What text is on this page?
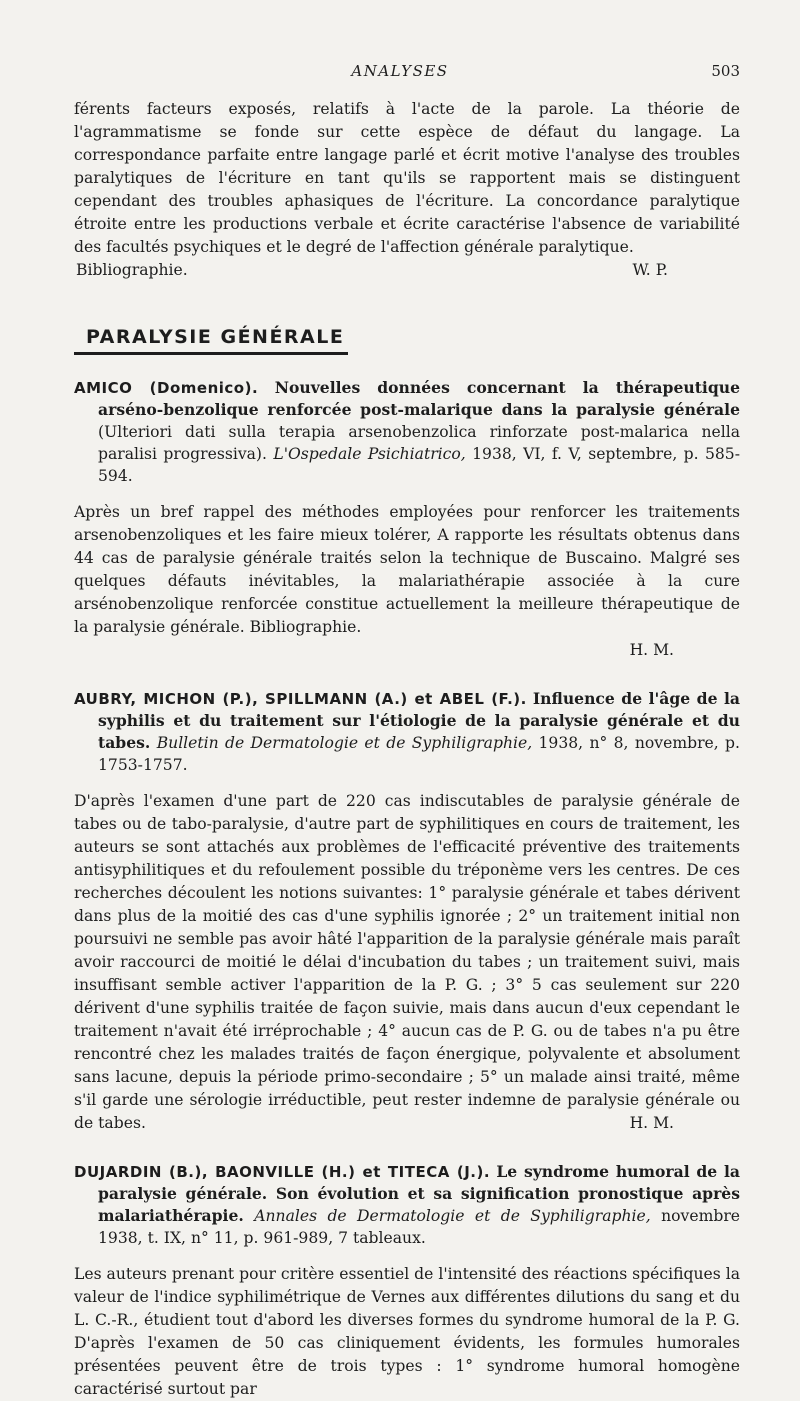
ANALYSES	503

férents facteurs exposés, relatifs à l'acte de la parole. La théorie de l'agrammatisme se fonde sur cette espèce de défaut du langage. La correspondance parfaite entre langage parlé et écrit motive l'analyse des troubles paralytiques de l'écriture en tant qu'ils se rapportent mais se distinguent cependant des troubles aphasiques de l'écriture. La concordance paralytique étroite entre les productions verbale et écrite caractérise l'absence de variabilité des facultés psychiques et le degré de l'affection générale paralytique.

Bibliographie.	W. P.
PARALYSIE GÉNÉRALE

AMICO (Domenico). Nouvelles données concernant la thérapeutique arséno-benzolique renforcée post-malarique dans la paralysie générale (Ulteriori dati sulla terapia arsenobenzolica rinforzate post-malarica nella paralisi progressiva). L'Ospedale Psichiatrico, 1938, VI, f. V, septembre, p. 585-594.

Après un bref rappel des méthodes employées pour renforcer les traitements arsenobenzoliques et les faire mieux tolérer, A rapporte les résultats obtenus dans 44 cas de paralysie générale traités selon la technique de Buscaino. Malgré ses quelques défauts inévitables, la malariathérapie associée à la cure arsénobenzolique renforcée constitue actuellement la meilleure thérapeutique de la paralysie générale. Bibliographie.

H. M.

AUBRY, MICHON (P.), SPILLMANN (A.) et ABEL (F.). Influence de l'âge de la syphilis et du traitement sur l'étiologie de la paralysie générale et du tabes. Bulletin de Dermatologie et de Syphiligraphie, 1938, n° 8, novembre, p. 1753-1757.

D'après l'examen d'une part de 220 cas indiscutables de paralysie générale de tabes ou de tabo-paralysie, d'autre part de syphilitiques en cours de traitement, les auteurs se sont attachés aux problèmes de l'efficacité préventive des traitements antisyphilitiques et du refoulement possible du tréponème vers les centres. De ces recherches découlent les notions suivantes: 1° paralysie générale et tabes dérivent dans plus de la moitié des cas d'une syphilis ignorée ; 2° un traitement initial non poursuivi ne semble pas avoir hâté l'apparition de la paralysie générale mais paraît avoir raccourci de moitié le délai d'incubation du tabes ; un traitement suivi, mais insuffisant semble activer l'apparition de la P. G. ; 3° 5 cas seulement sur 220 dérivent d'une syphilis traitée de façon suivie, mais dans aucun d'eux cependant le traitement n'avait été irréprochable ; 4° aucun cas de P. G. ou de tabes n'a pu être rencontré chez les malades traités de façon énergique, polyvalente et absolument sans lacune, depuis la période primo-secondaire ; 5° un malade ainsi traité, même s'il garde une sérologie irréductible, peut rester indemne de paralysie générale ou de tabes.	H. M.

DUJARDIN (B.), BAONVILLE (H.) et TITECA (J.). Le syndrome humoral de la paralysie générale. Son évolution et sa signification pronostique après malariathérapie. Annales de Dermatologie et de Syphiligraphie, novembre 1938, t. IX, n° 11, p. 961-989, 7 tableaux.

Les auteurs prenant pour critère essentiel de l'intensité des réactions spécifiques la valeur de l'indice syphilimétrique de Vernes aux différentes dilutions du sang et du L. C.-R., étudient tout d'abord les diverses formes du syndrome humoral de la P. G. D'après l'examen de 50 cas cliniquement évidents, les formules humorales présentées peuvent être de trois types : 1° syndrome humoral homogène caractérisé surtout par
